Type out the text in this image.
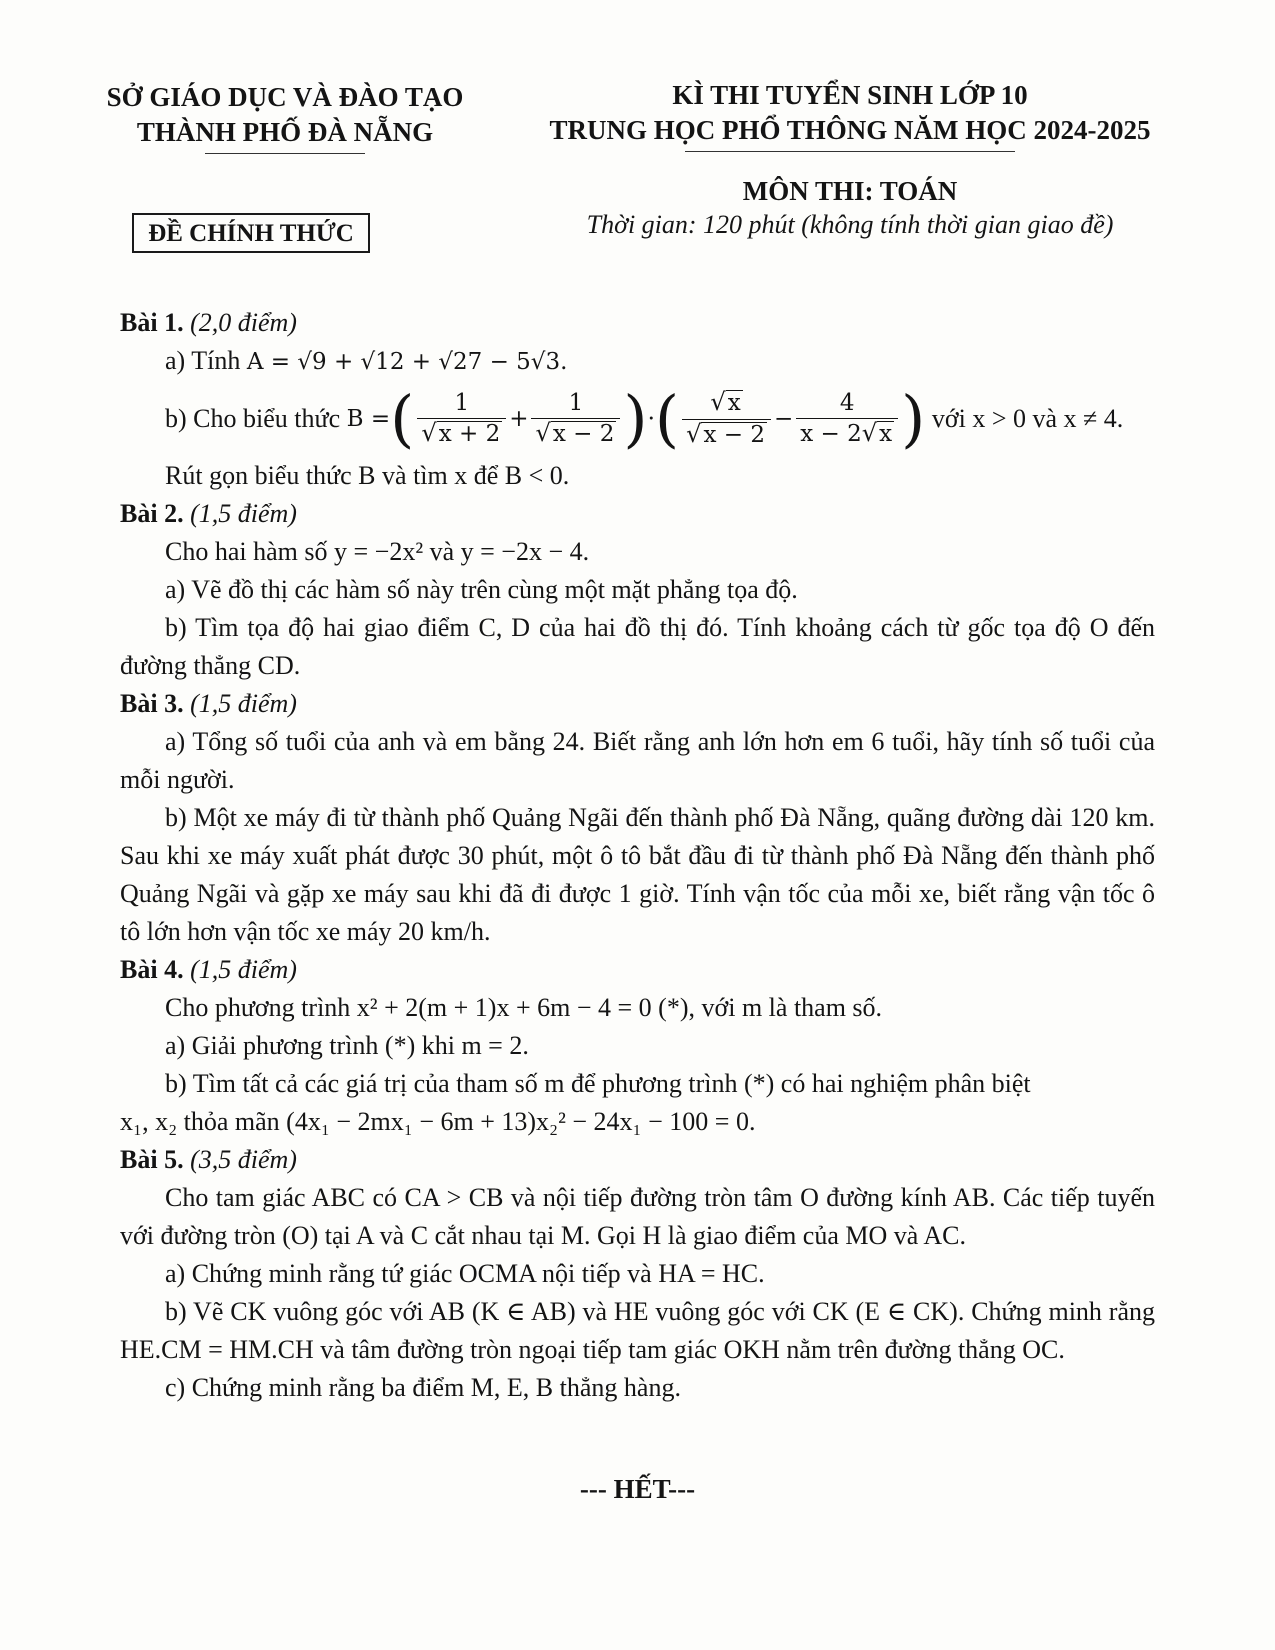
SỞ GIÁO DỤC VÀ ĐÀO TẠO
THÀNH PHỐ ĐÀ NẴNG
KÌ THI TUYỂN SINH LỚP 10
TRUNG HỌC PHỔ THÔNG NĂM HỌC 2024-2025
MÔN THI: TOÁN
Thời gian: 120 phút (không tính thời gian giao đề)
ĐỀ CHÍNH THỨC
Bài 1. (2,0 điểm)
a) Tính A = √9 + √12 + √27 − 5√3.
b) Cho biểu thức
B = ( $\frac{1}{√ x + 2} + \frac{1}{√ x - 2}$ ) · ( $\frac{√ x}{√ x - 2} - \frac{4}{x - 2 √ x}$ )
với x > 0 và x ≠ 4.
Rút gọn biểu thức B và tìm x để B < 0.
Bài 2. (1,5 điểm)
Cho hai hàm số y = −2x² và y = −2x − 4.
a) Vẽ đồ thị các hàm số này trên cùng một mặt phẳng tọa độ.

b) Tìm tọa độ hai giao điểm C, D của hai đồ thị đó. Tính khoảng cách từ gốc tọa độ O đến đường thẳng CD.

Bài 3. (1,5 điểm)

a) Tổng số tuổi của anh và em bằng 24. Biết rằng anh lớn hơn em 6 tuổi, hãy tính số tuổi của mỗi người.

b) Một xe máy đi từ thành phố Quảng Ngãi đến thành phố Đà Nẵng, quãng đường dài 120 km. Sau khi xe máy xuất phát được 30 phút, một ô tô bắt đầu đi từ thành phố Đà Nẵng đến thành phố Quảng Ngãi và gặp xe máy sau khi đã đi được 1 giờ. Tính vận tốc của mỗi xe, biết rằng vận tốc ô tô lớn hơn vận tốc xe máy 20 km/h.

Bài 4. (1,5 điểm)
Cho phương trình x² + 2(m + 1)x + 6m − 4 = 0 (*), với m là tham số.
a) Giải phương trình (*) khi m = 2.
b) Tìm tất cả các giá trị của tham số m để phương trình (*) có hai nghiệm phân biệt
x₁, x₂ thỏa mãn (4x₁ − 2mx₁ − 6m + 13)x₂² − 24x₁ − 100 = 0.
Bài 5. (3,5 điểm)

Cho tam giác ABC có CA > CB và nội tiếp đường tròn tâm O đường kính AB. Các tiếp tuyến với đường tròn (O) tại A và C cắt nhau tại M. Gọi H là giao điểm của MO và AC.

a) Chứng minh rằng tứ giác OCMA nội tiếp và HA = HC.

b) Vẽ CK vuông góc với AB (K ∈ AB) và HE vuông góc với CK (E ∈ CK). Chứng minh rằng HE.CM = HM.CH và tâm đường tròn ngoại tiếp tam giác OKH nằm trên đường thẳng OC.

c) Chứng minh rằng ba điểm M, E, B thẳng hàng.
--- HẾT---
